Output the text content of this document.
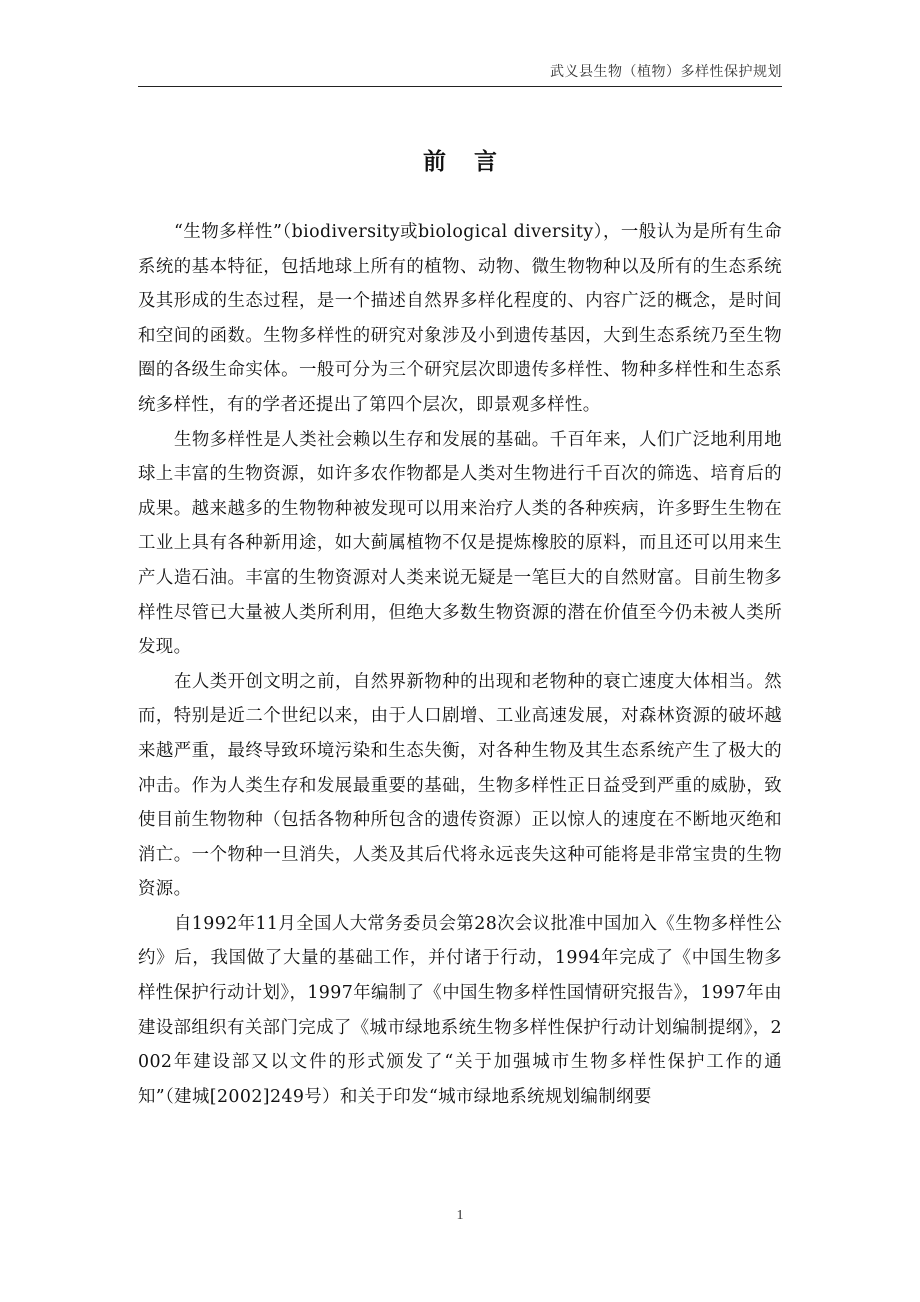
武义县生物（植物）多样性保护规划
前言

“生物多样性”（biodiversity或biological diversity），一般认为是所有生命系统的基本特征，包括地球上所有的植物、动物、微生物物种以及所有的生态系统及其形成的生态过程，是一个描述自然界多样化程度的、内容广泛的概念，是时间和空间的函数。生物多样性的研究对象涉及小到遗传基因，大到生态系统乃至生物圈的各级生命实体。一般可分为三个研究层次即遗传多样性、物种多样性和生态系统多样性，有的学者还提出了第四个层次，即景观多样性。

生物多样性是人类社会赖以生存和发展的基础。千百年来，人们广泛地利用地球上丰富的生物资源，如许多农作物都是人类对生物进行千百次的筛选、培育后的成果。越来越多的生物物种被发现可以用来治疗人类的各种疾病，许多野生生物在工业上具有各种新用途，如大蓟属植物不仅是提炼橡胶的原料，而且还可以用来生产人造石油。丰富的生物资源对人类来说无疑是一笔巨大的自然财富。目前生物多样性尽管已大量被人类所利用，但绝大多数生物资源的潜在价值至今仍未被人类所发现。

在人类开创文明之前，自然界新物种的出现和老物种的衰亡速度大体相当。然而，特别是近二个世纪以来，由于人口剧增、工业高速发展，对森林资源的破坏越来越严重，最终导致环境污染和生态失衡，对各种生物及其生态系统产生了极大的冲击。作为人类生存和发展最重要的基础，生物多样性正日益受到严重的威胁，致使目前生物物种（包括各物种所包含的遗传资源）正以惊人的速度在不断地灭绝和消亡。一个物种一旦消失，人类及其后代将永远丧失这种可能将是非常宝贵的生物资源。

自1992年11月全国人大常务委员会第28次会议批准中国加入《生物多样性公约》后，我国做了大量的基础工作，并付诸于行动，1994年完成了《中国生物多样性保护行动计划》，1997年编制了《中国生物多样性国情研究报告》，1997年由建设部组织有关部门完成了《城市绿地系统生物多样性保护行动计划编制提纲》，2002年建设部又以文件的形式颁发了“关于加强城市生物多样性保护工作的通知”（建城[2002]249号）和关于印发“城市绿地系统规划编制纲要

1
